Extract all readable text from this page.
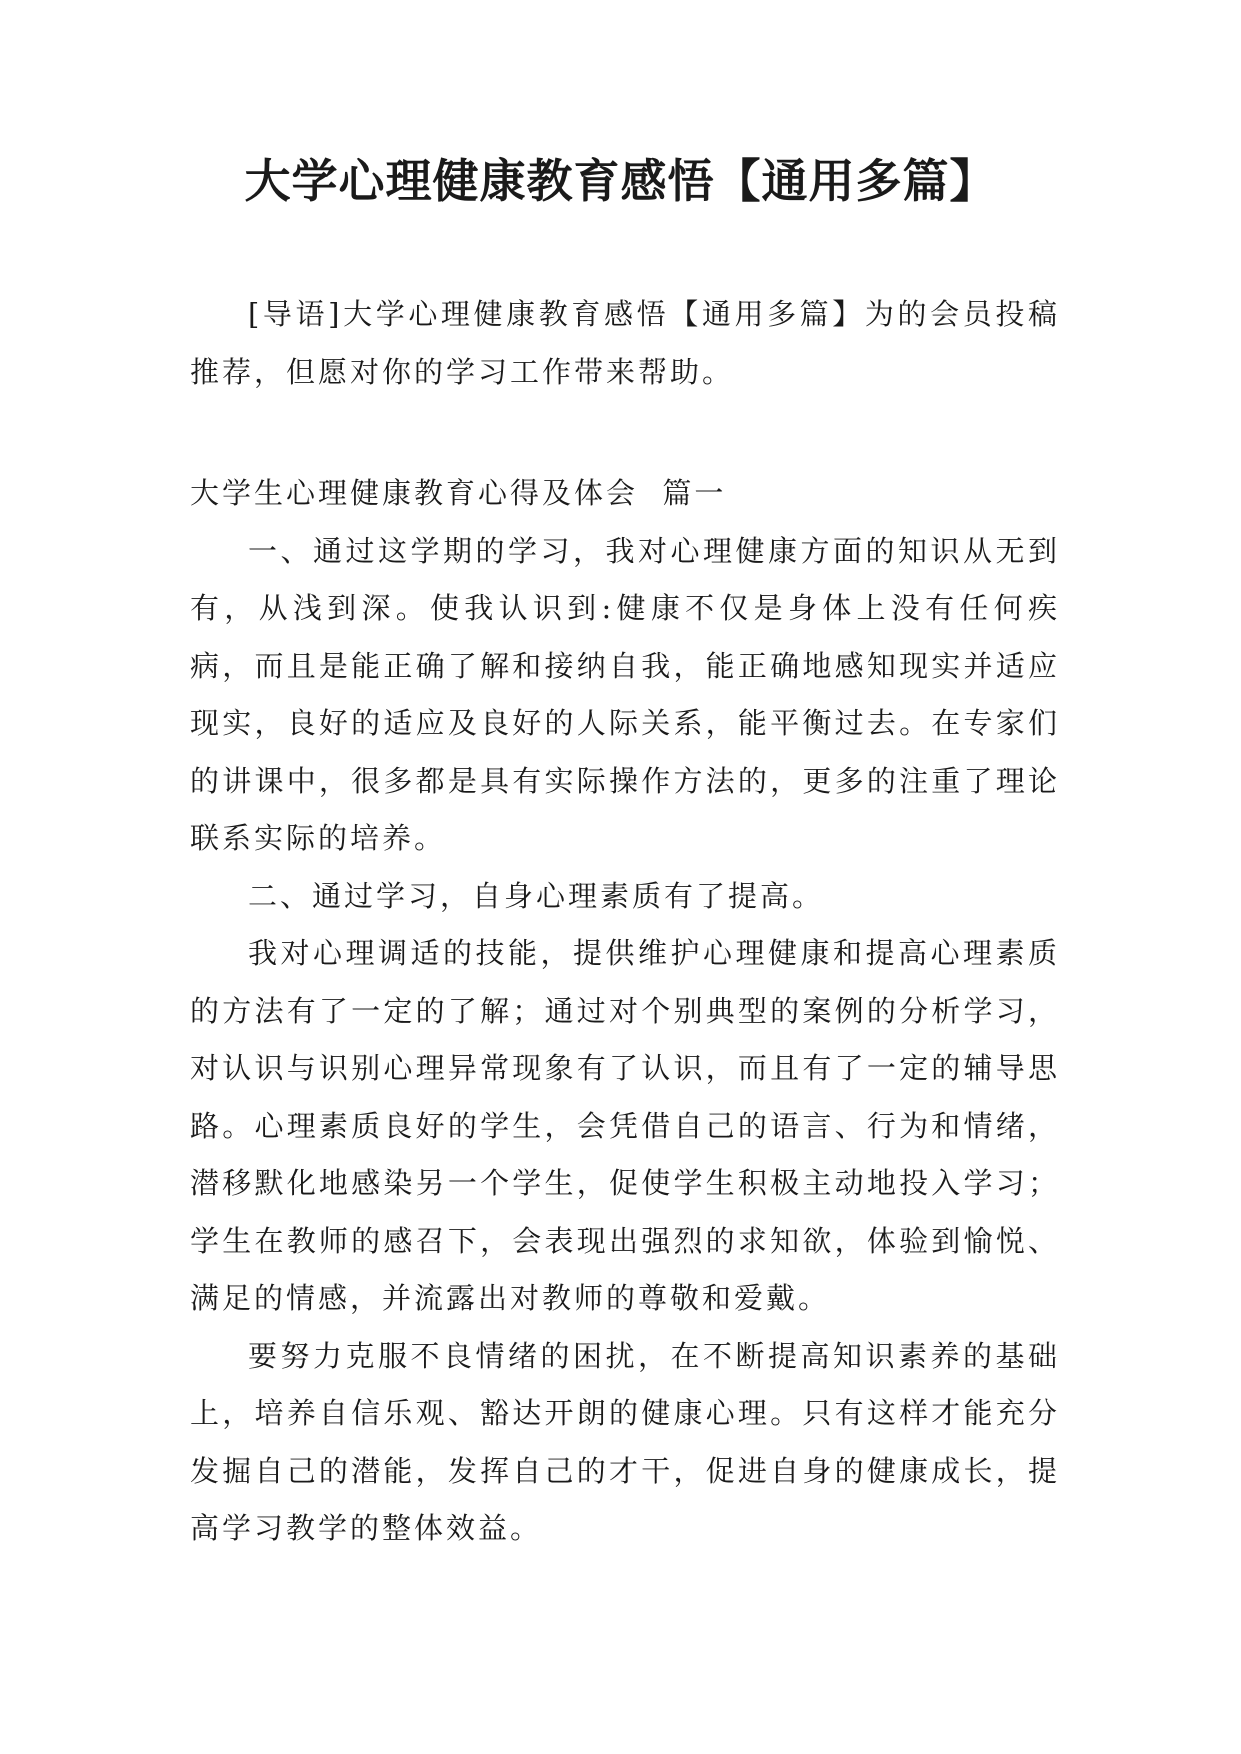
大学心理健康教育感悟【通用多篇】

[导语]大学心理健康教育感悟【通用多篇】为的会员投稿推荐，但愿对你的学习工作带来帮助。

大学生心理健康教育心得及体会  篇一

一、通过这学期的学习，我对心理健康方面的知识从无到有，从浅到深。使我认识到:健康不仅是身体上没有任何疾病，而且是能正确了解和接纳自我，能正确地感知现实并适应现实，良好的适应及良好的人际关系，能平衡过去。在专家们的讲课中，很多都是具有实际操作方法的，更多的注重了理论联系实际的培养。

二、通过学习，自身心理素质有了提高。

我对心理调适的技能，提供维护心理健康和提高心理素质的方法有了一定的了解；通过对个别典型的案例的分析学习，对认识与识别心理异常现象有了认识，而且有了一定的辅导思路。心理素质良好的学生，会凭借自己的语言、行为和情绪，潜移默化地感染另一个学生，促使学生积极主动地投入学习；学生在教师的感召下，会表现出强烈的求知欲，体验到愉悦、满足的情感，并流露出对教师的尊敬和爱戴。

要努力克服不良情绪的困扰，在不断提高知识素养的基础上，培养自信乐观、豁达开朗的健康心理。只有这样才能充分发掘自己的潜能，发挥自己的才干，促进自身的健康成长，提高学习教学的整体效益。
